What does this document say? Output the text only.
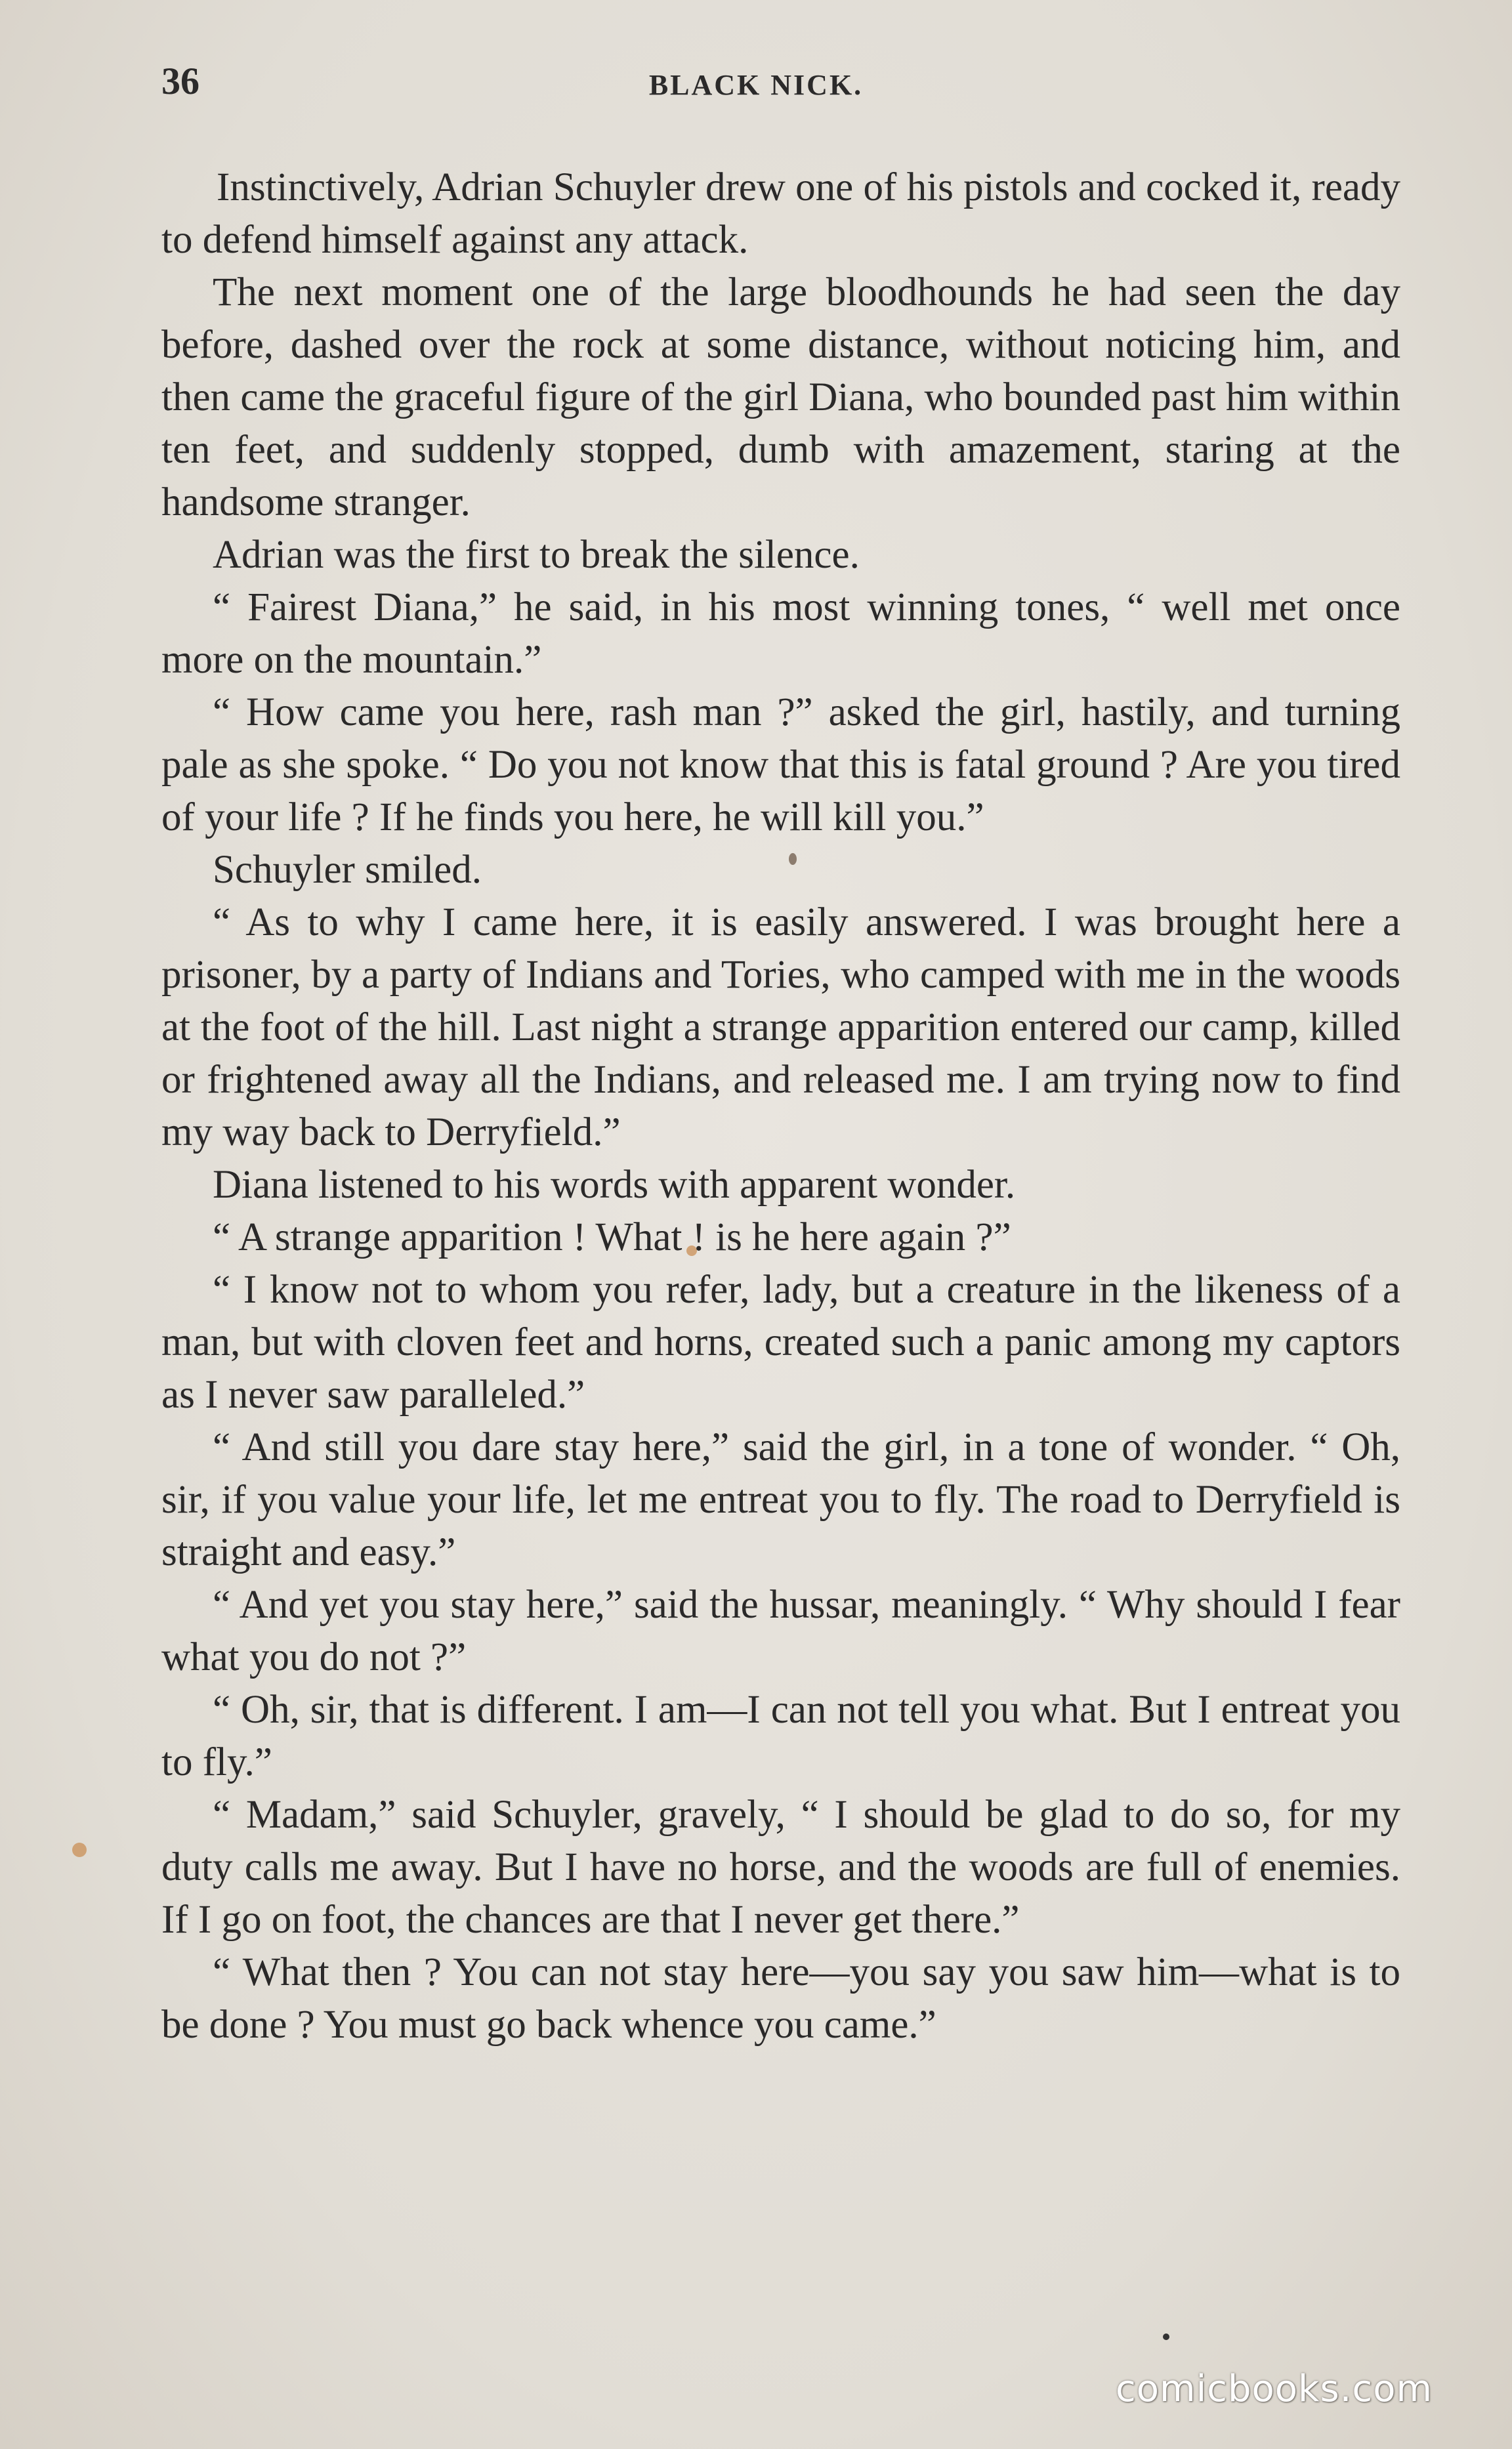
36	BLACK NICK.

Instinctively, Adrian Schuyler drew one of his pistols and cocked it, ready to defend himself against any attack.

The next moment one of the large bloodhounds he had seen the day before, dashed over the rock at some distance, without noticing him, and then came the graceful figure of the girl Diana, who bounded past him within ten feet, and suddenly stopped, dumb with amazement, staring at the handsome stranger.

Adrian was the first to break the silence.

“ Fairest Diana,” he said, in his most winning tones, “ well met once more on the mountain.”

“ How came you here, rash man ?” asked the girl, hastily, and turning pale as she spoke. “ Do you not know that this is fatal ground ? Are you tired of your life ? If he finds you here, he will kill you.”

Schuyler smiled.

“ As to why I came here, it is easily answered. I was brought here a prisoner, by a party of Indians and Tories, who camped with me in the woods at the foot of the hill. Last night a strange apparition entered our camp, killed or frightened away all the Indians, and released me. I am trying now to find my way back to Derryfield.”

Diana listened to his words with apparent wonder.

“ A strange apparition ! What ! is he here again ?”

“ I know not to whom you refer, lady, but a creature in the likeness of a man, but with cloven feet and horns, created such a panic among my captors as I never saw paralleled.”

“ And still you dare stay here,” said the girl, in a tone of wonder. “ Oh, sir, if you value your life, let me entreat you to fly. The road to Derryfield is straight and easy.”

“ And yet you stay here,” said the hussar, meaningly. “ Why should I fear what you do not ?”

“ Oh, sir, that is different. I am—I can not tell you what. But I entreat you to fly.”

“ Madam,” said Schuyler, gravely, “ I should be glad to do so, for my duty calls me away. But I have no horse, and the woods are full of enemies. If I go on foot, the chances are that I never get there.”

“ What then ? You can not stay here—you say you saw him—what is to be done ? You must go back whence you came.”

comicbooks.com
